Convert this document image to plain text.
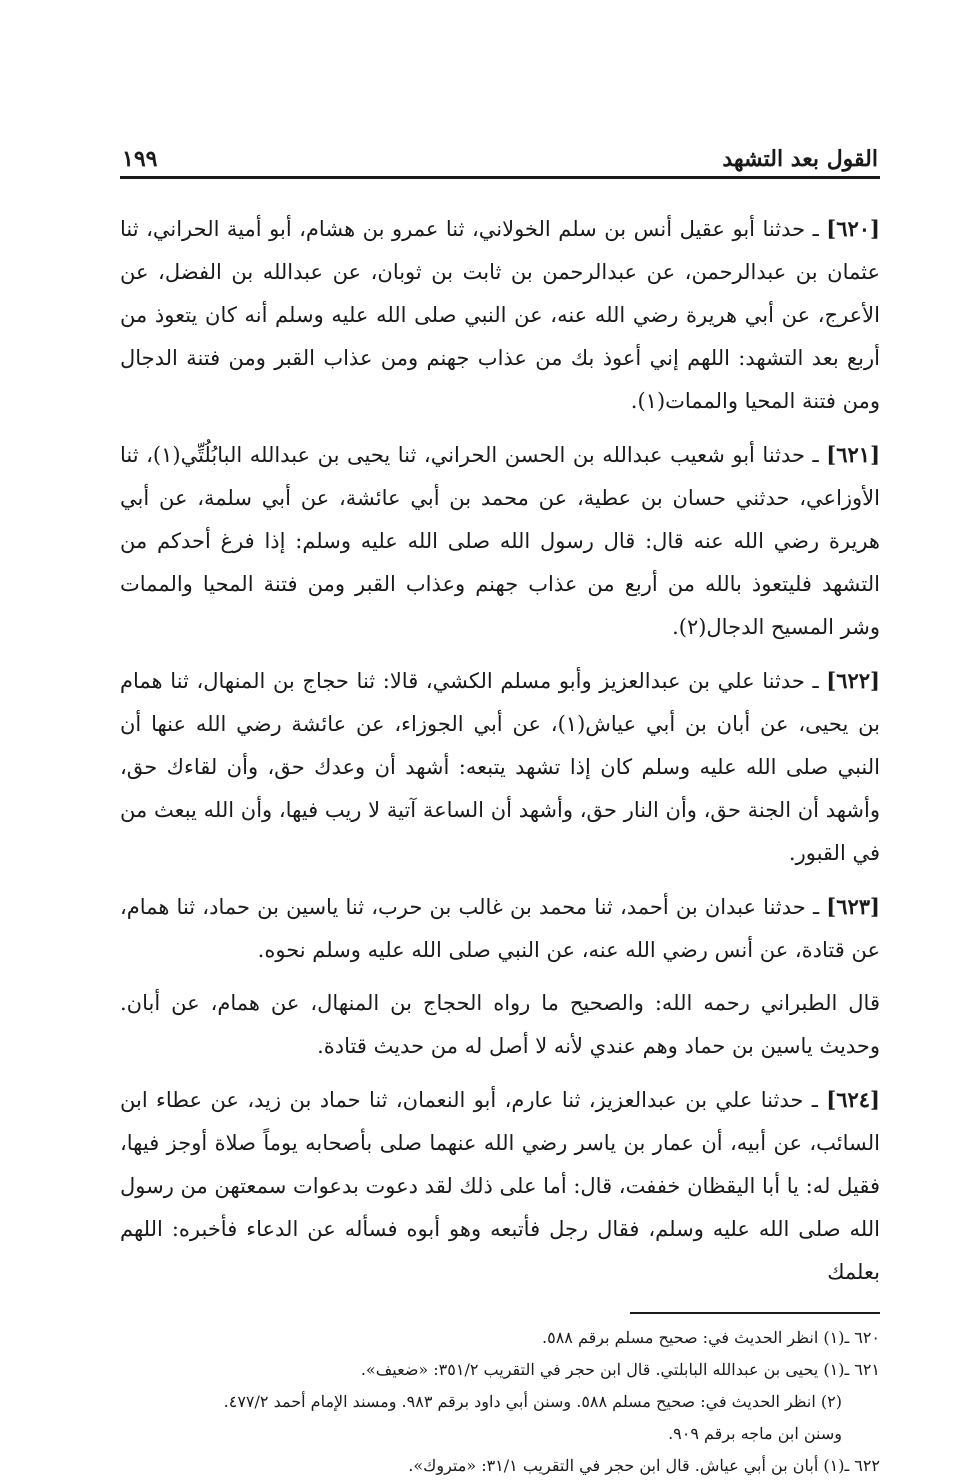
القول بعد التشهد
١٩٩

[٦٢٠] ـ حدثنا أبو عقيل أنس بن سلم الخولاني، ثنا عمرو بن هشام، أبو أمية الحراني، ثنا عثمان بن عبدالرحمن، عن عبدالرحمن بن ثابت بن ثوبان، عن عبدالله بن الفضل، عن الأعرج، عن أبي هريرة رضي الله عنه، عن النبي صلى الله عليه وسلم أنه كان يتعوذ من أربع بعد التشهد: اللهم إني أعوذ بك من عذاب جهنم ومن عذاب القبر ومن فتنة الدجال ومن فتنة المحيا والممات(١).

[٦٢١] ـ حدثنا أبو شعيب عبدالله بن الحسن الحراني، ثنا يحيى بن عبدالله البابُلُتِّي(١)، ثنا الأوزاعي، حدثني حسان بن عطية، عن محمد بن أبي عائشة، عن أبي سلمة، عن أبي هريرة رضي الله عنه قال: قال رسول الله صلى الله عليه وسلم: إذا فرغ أحدكم من التشهد فليتعوذ بالله من أربع من عذاب جهنم وعذاب القبر ومن فتنة المحيا والممات وشر المسيح الدجال(٢).

[٦٢٢] ـ حدثنا علي بن عبدالعزيز وأبو مسلم الكشي، قالا: ثنا حجاج بن المنهال، ثنا همام بن يحيى، عن أبان بن أبي عياش(١)، عن أبي الجوزاء، عن عائشة رضي الله عنها أن النبي صلى الله عليه وسلم كان إذا تشهد يتبعه: أشهد أن وعدك حق، وأن لقاءك حق، وأشهد أن الجنة حق، وأن النار حق، وأشهد أن الساعة آتية لا ريب فيها، وأن الله يبعث من في القبور.

[٦٢٣] ـ حدثنا عبدان بن أحمد، ثنا محمد بن غالب بن حرب، ثنا ياسين بن حماد، ثنا همام، عن قتادة، عن أنس رضي الله عنه، عن النبي صلى الله عليه وسلم نحوه.

قال الطبراني رحمه الله: والصحيح ما رواه الحجاج بن المنهال، عن همام، عن أبان. وحديث ياسين بن حماد وهم عندي لأنه لا أصل له من حديث قتادة.

[٦٢٤] ـ حدثنا علي بن عبدالعزيز، ثنا عارم، أبو النعمان، ثنا حماد بن زيد، عن عطاء ابن السائب، عن أبيه، أن عمار بن ياسر رضي الله عنهما صلى بأصحابه يوماً صلاة أوجز فيها، فقيل له: يا أبا اليقظان خففت، قال: أما على ذلك لقد دعوت بدعوات سمعتهن من رسول الله صلى الله عليه وسلم، فقال رجل فأتبعه وهو أبوه فسأله عن الدعاء فأخبره: اللهم بعلمك

٦٢٠ ـ(١) انظر الحديث في: صحيح مسلم برقم ٥٨٨.

٦٢١ ـ(١) يحيى بن عبدالله البابلتي. قال ابن حجر في التقريب ٣٥١/٢: «ضعيف».

(٢) انظر الحديث في: صحيح مسلم ٥٨٨. وسنن أبي داود برقم ٩٨٣. ومسند الإمام أحمد ٤٧٧/٢.

وسنن ابن ماجه برقم ٩٠٩.

٦٢٢ ـ(١) أبان بن أبي عياش. قال ابن حجر في التقريب ٣١/١: «متروك».
